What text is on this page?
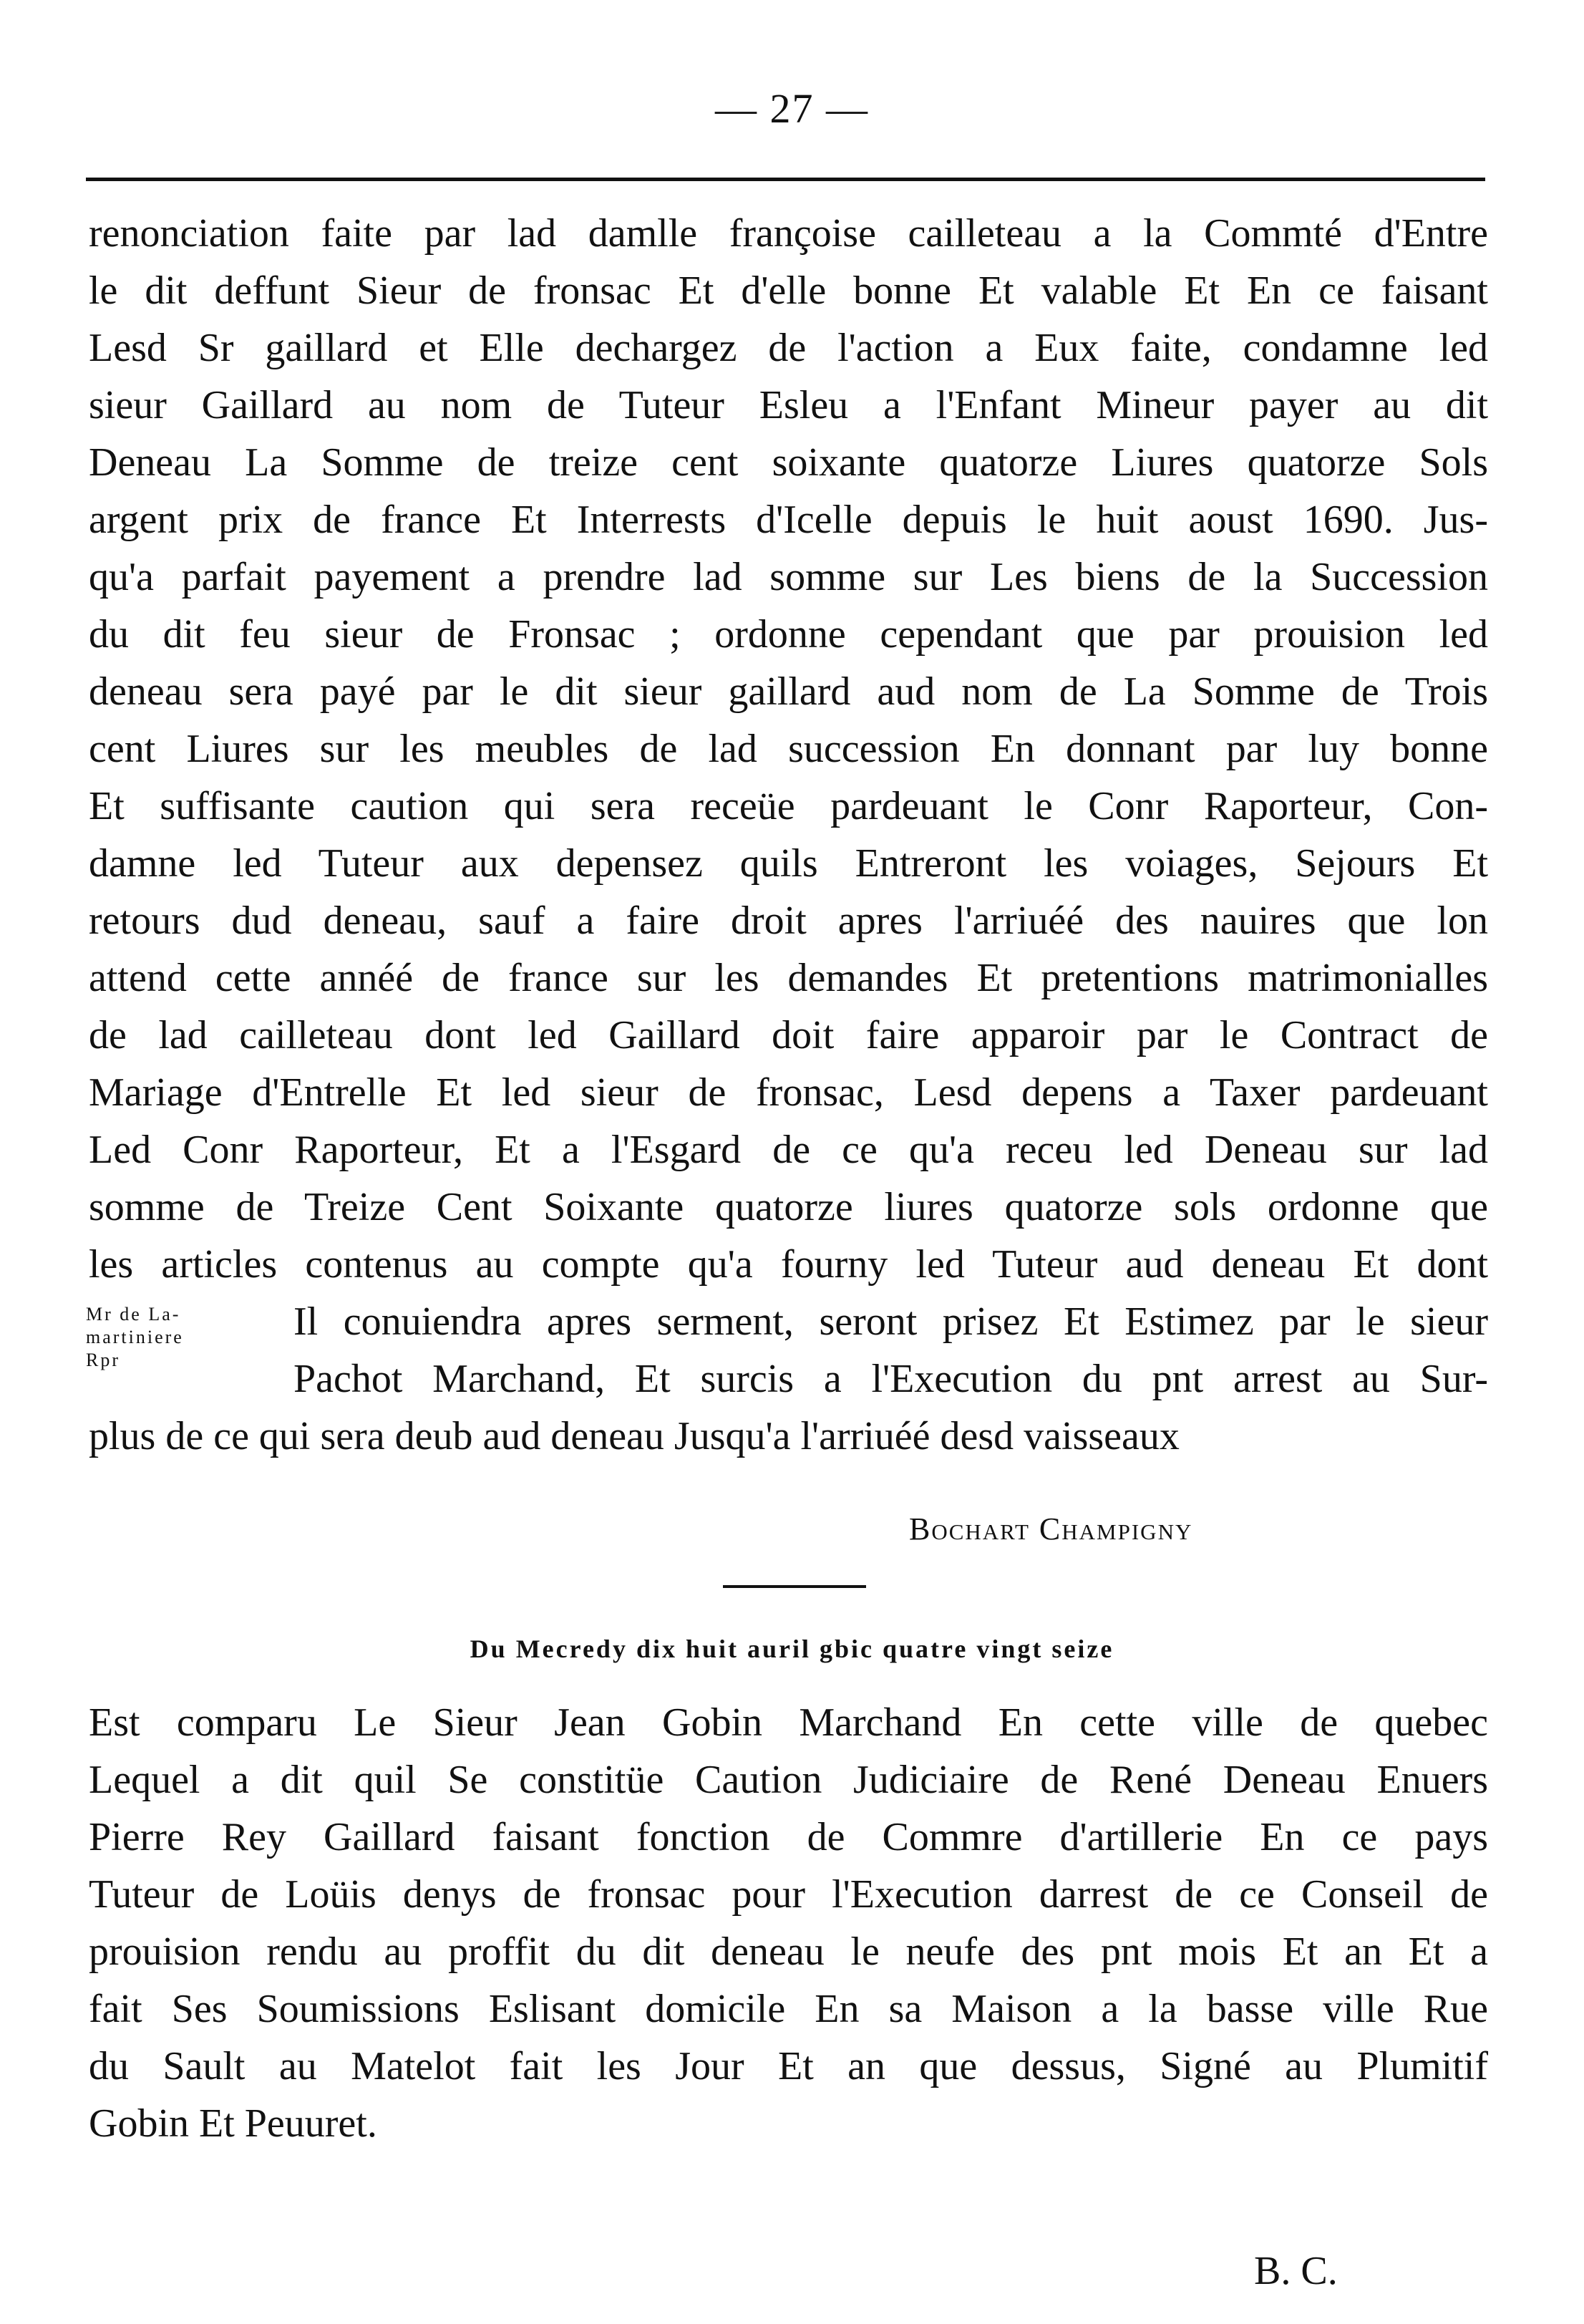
— 27 —
renonciation faite par lad damlle françoise cailleteau a la Commté d'Entre
le dit deffunt Sieur de fronsac Et d'elle bonne Et valable Et En ce faisant
Lesd Sr gaillard et Elle dechargez de l'action a Eux faite, condamne led
sieur Gaillard au nom de Tuteur Esleu a l'Enfant Mineur payer au dit
Deneau La Somme de treize cent soixante quatorze Liures quatorze Sols
argent prix de france Et Interrests d'Icelle depuis le huit aoust 1690. Jus-
qu'a parfait payement a prendre lad somme sur Les biens de la Succession
du dit feu sieur de Fronsac ; ordonne cependant que par prouision led
deneau sera payé par le dit sieur gaillard aud nom de La Somme de Trois
cent Liures sur les meubles de lad succession En donnant par luy bonne
Et suffisante caution qui sera receüe pardeuant le Conr Raporteur, Con-
damne led Tuteur aux depensez quils Entreront les voiages, Sejours Et
retours dud deneau, sauf a faire droit apres l'arriuéé des nauires que lon
attend cette annéé de france sur les demandes Et pretentions matrimonialles
de lad cailleteau dont led Gaillard doit faire apparoir par le Contract de
Mariage d'Entrelle Et led sieur de fronsac, Lesd depens a Taxer pardeuant
Led Conr Raporteur, Et a l'Esgard de ce qu'a receu led Deneau sur lad
somme de Treize Cent Soixante quatorze liures quatorze sols ordonne que
les articles contenus au compte qu'a fourny led Tuteur aud deneau Et dont
Il conuiendra apres serment, seront prisez Et Estimez par le sieur
Pachot Marchand, Et surcis a l'Execution du pnt arrest au Sur-
plus de ce qui sera deub aud deneau Jusqu'a l'arriuéé desd vaisseaux
Mr de La-
martiniere
Rpr
Bochart Champigny
Du Mecredy dix huit auril gbic quatre vingt seize
Est comparu Le Sieur Jean Gobin Marchand En cette ville de quebec
Lequel a dit quil Se constitüe Caution Judiciaire de René Deneau Enuers
Pierre Rey Gaillard faisant fonction de Commre d'artillerie En ce pays
Tuteur de Loüis denys de fronsac pour l'Execution darrest de ce Conseil de
prouision rendu au proffit du dit deneau le neufe des pnt mois Et an Et a
fait Ses Soumissions Eslisant domicile En sa Maison a la basse ville Rue
du Sault au Matelot fait les Jour Et an que dessus, Signé au Plumitif
Gobin Et Peuuret.
B. C.
